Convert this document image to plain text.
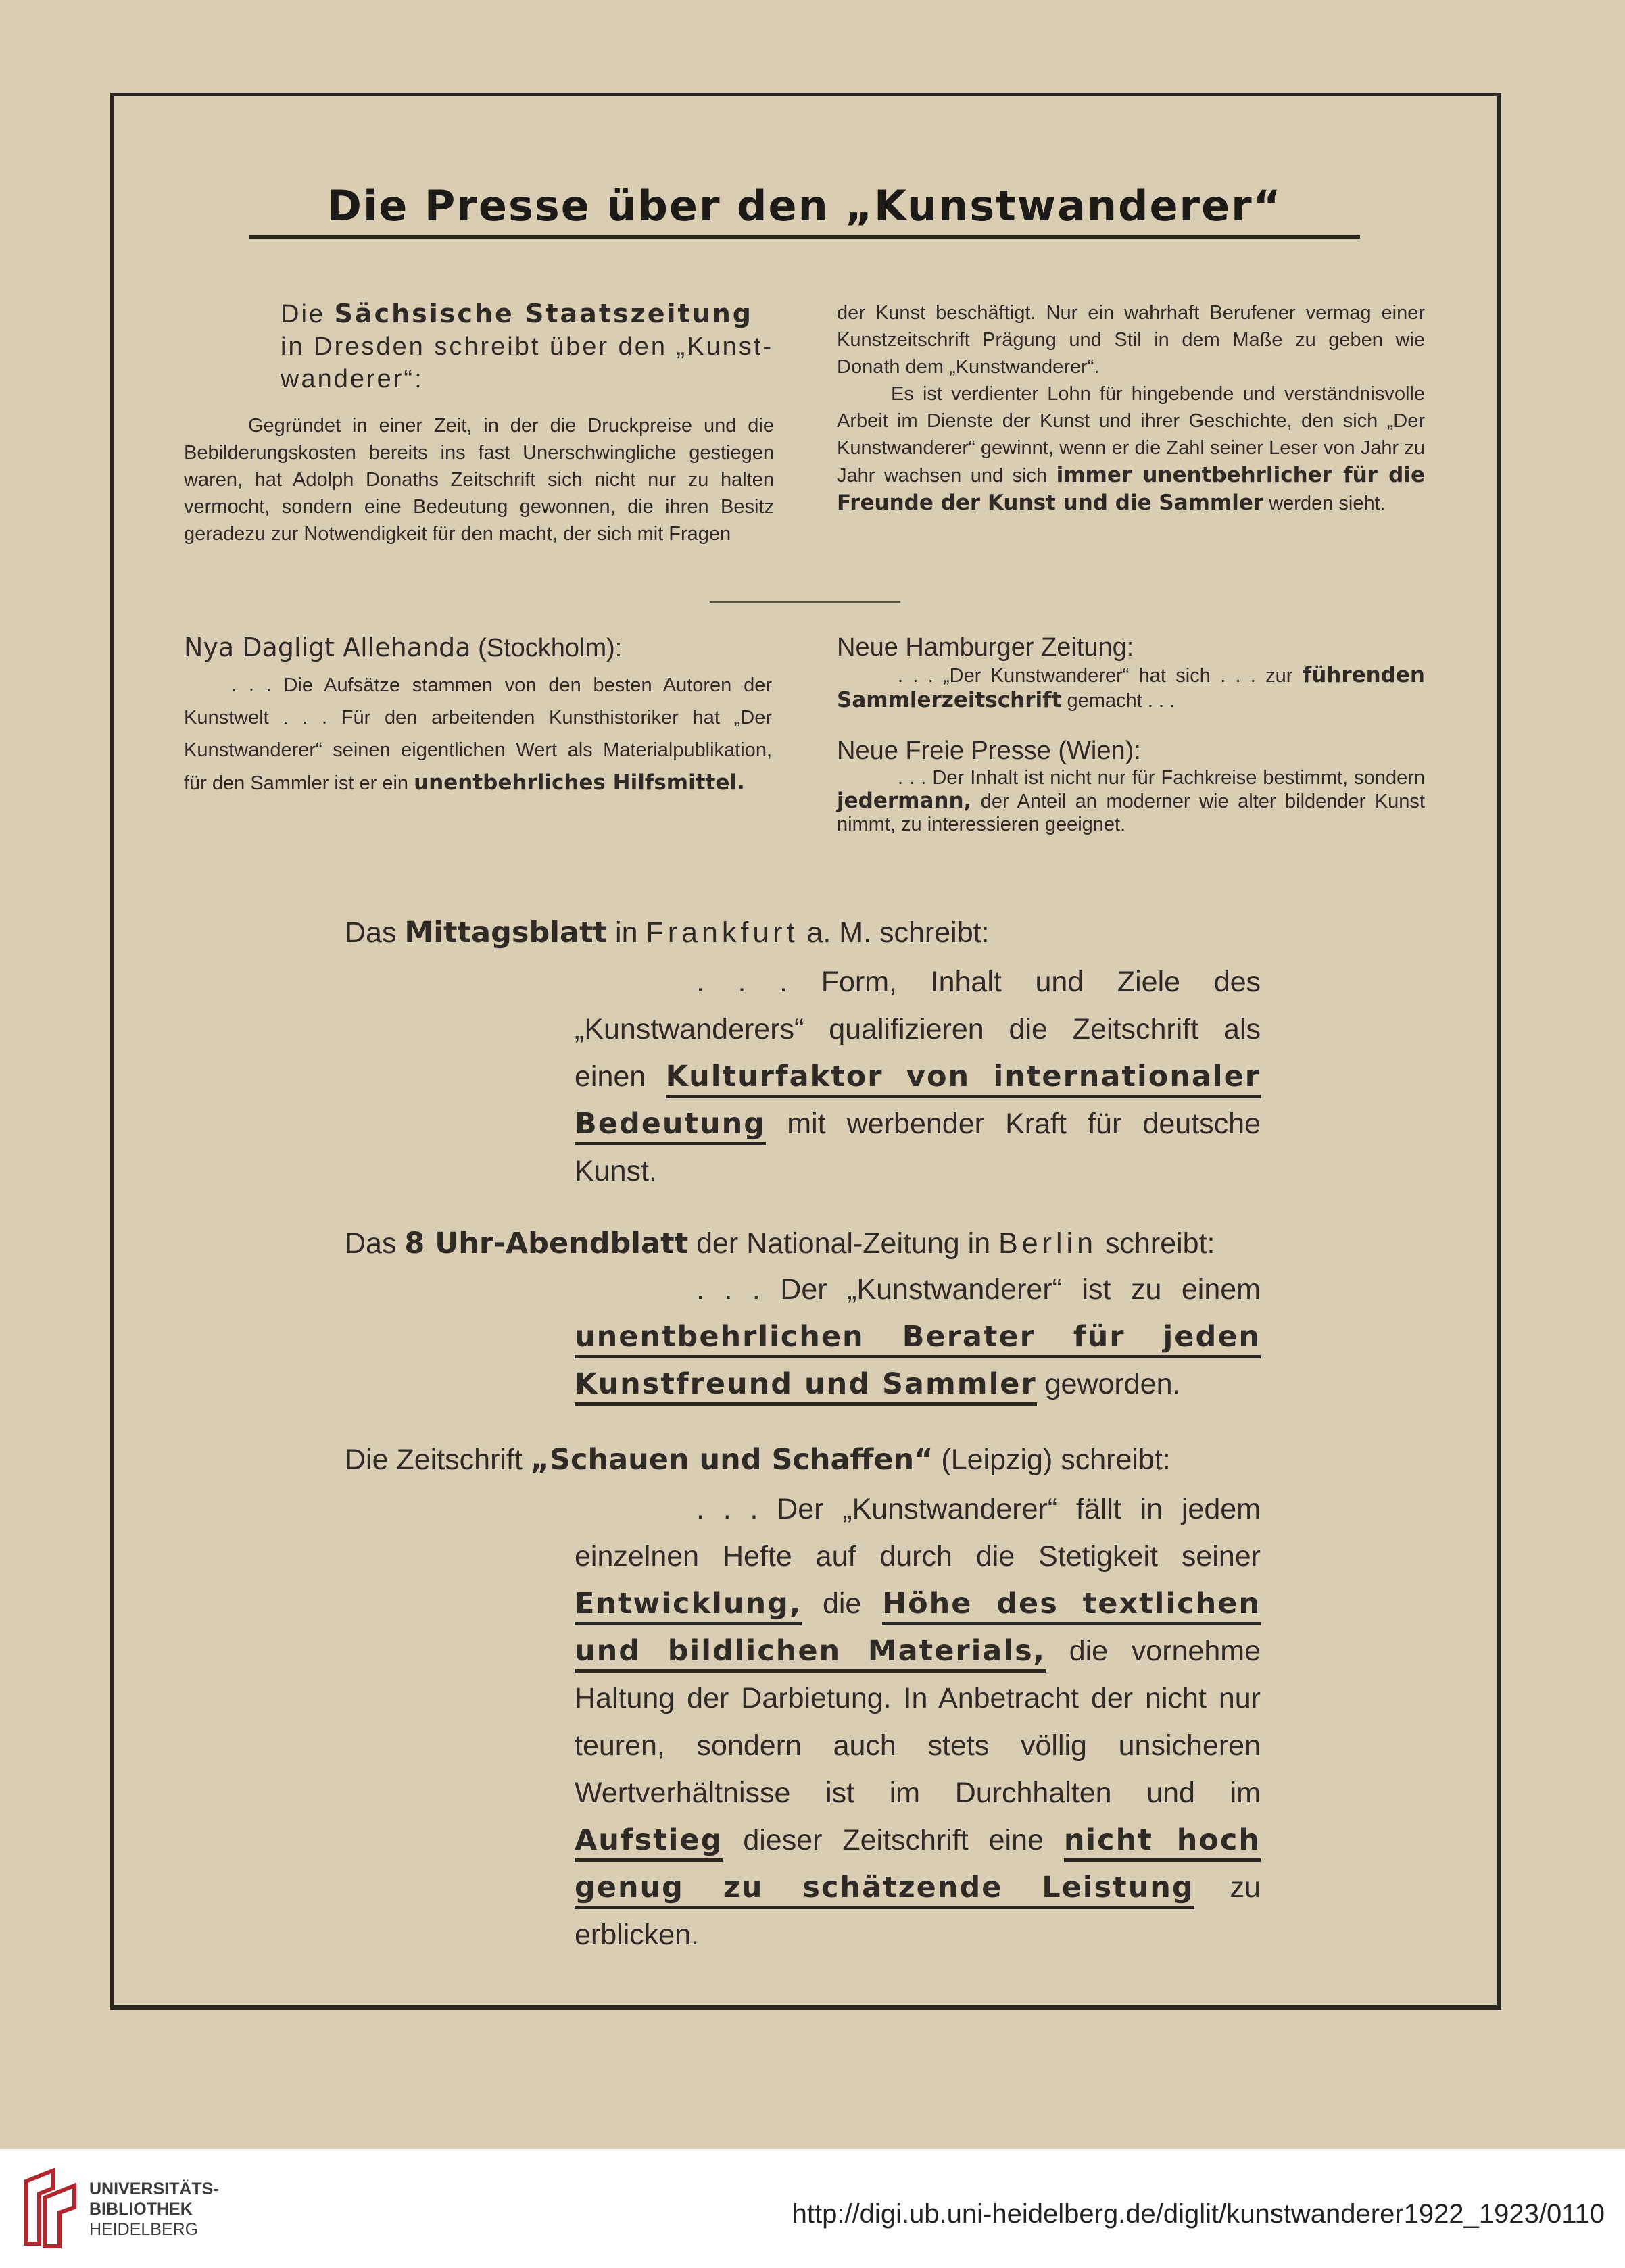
Die Presse über den „Kunstwanderer“
Die Sächsische Staatszeitung in Dresden schreibt über den „Kunst-wanderer“:
Gegründet in einer Zeit, in der die Druckpreise und die Bebilderungskosten bereits ins fast Unerschwingliche gestiegen waren, hat Adolph Donaths Zeitschrift sich nicht nur zu halten vermocht, sondern eine Bedeutung gewonnen, die ihren Besitz geradezu zur Notwendigkeit für den macht, der sich mit Fragen
der Kunst beschäftigt. Nur ein wahrhaft Berufener vermag einer Kunstzeitschrift Prägung und Stil in dem Maße zu geben wie Donath dem „Kunstwanderer“.
Es ist verdienter Lohn für hingebende und verständnisvolle Arbeit im Dienste der Kunst und ihrer Geschichte, den sich „Der Kunstwanderer“ gewinnt, wenn er die Zahl seiner Leser von Jahr zu Jahr wachsen und sich immer unentbehrlicher für die Freunde der Kunst und die Sammler werden sieht.
Nya Dagligt Allehanda (Stockholm):
. . . Die Aufsätze stammen von den besten Autoren der Kunstwelt . . . Für den arbeitenden Kunsthistoriker hat „Der Kunstwanderer“ seinen eigentlichen Wert als Materialpublikation, für den Sammler ist er ein unentbehrliches Hilfsmittel.
Neue Hamburger Zeitung:
. . . „Der Kunstwanderer“ hat sich . . . zur führenden Sammlerzeitschrift gemacht . . .
Neue Freie Presse (Wien):
. . . Der Inhalt ist nicht nur für Fachkreise bestimmt, sondern jedermann, der Anteil an moderner wie alter bildender Kunst nimmt, zu interessieren geeignet.
Das Mittagsblatt in Frankfurt a. M. schreibt:
. . . Form, Inhalt und Ziele des „Kunstwanderers“ qualifizieren die Zeitschrift als einen Kulturfaktor von internationaler Bedeutung mit werbender Kraft für deutsche Kunst.
Das 8 Uhr-Abendblatt der National-Zeitung in Berlin schreibt:
. . . Der „Kunstwanderer“ ist zu einem unentbehrlichen Berater für jeden Kunstfreund und Sammler geworden.
Die Zeitschrift „Schauen und Schaffen“ (Leipzig) schreibt:
. . . Der „Kunstwanderer“ fällt in jedem einzelnen Hefte auf durch die Stetigkeit seiner Entwicklung, die Höhe des textlichen und bildlichen Materials, die vornehme Haltung der Darbietung. In Anbetracht der nicht nur teuren, sondern auch stets völlig unsicheren Wertverhältnisse ist im Durchhalten und im Aufstieg dieser Zeitschrift eine nicht hoch genug zu schätzende Leistung zu erblicken.
UNIVERSITÄTS-
BIBLIOTHEK
HEIDELBERG
http://digi.ub.uni-heidelberg.de/diglit/kunstwanderer1922_1923/0110
